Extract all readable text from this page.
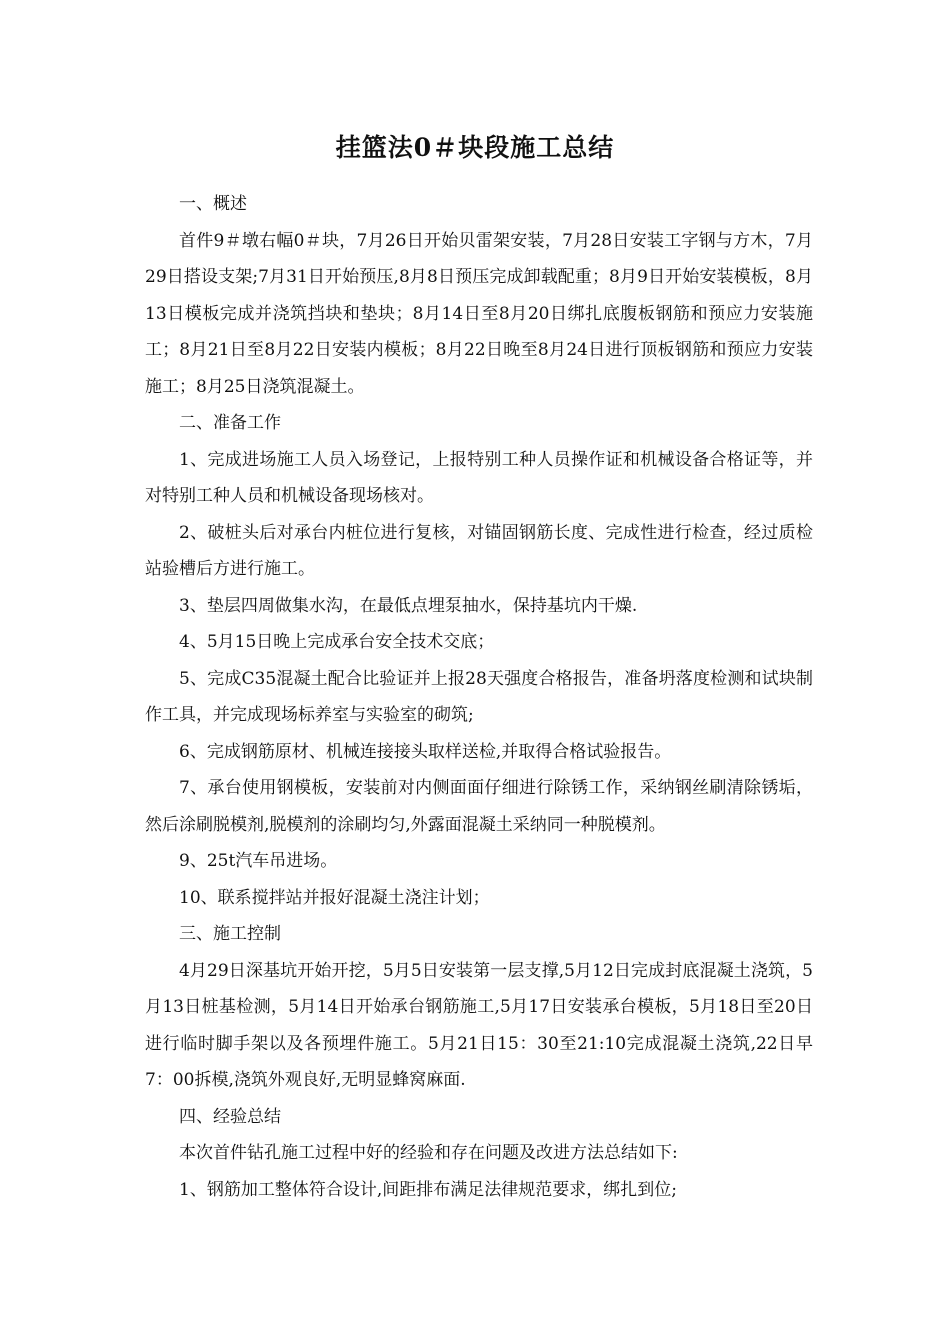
挂篮法0＃块段施工总结

一、概述

首件9＃墩右幅0＃块，7月26日开始贝雷架安装，7月28日安装工字钢与方木，7月29日搭设支架;7月31日开始预压,8月8日预压完成卸载配重；8月9日开始安装模板，8月13日模板完成并浇筑挡块和垫块；8月14日至8月20日绑扎底腹板钢筋和预应力安装施工；8月21日至8月22日安装内模板；8月22日晚至8月24日进行顶板钢筋和预应力安装施工；8月25日浇筑混凝土。

二、准备工作

1、完成进场施工人员入场登记，上报特别工种人员操作证和机械设备合格证等，并对特别工种人员和机械设备现场核对。

2、破桩头后对承台内桩位进行复核，对锚固钢筋长度、完成性进行检查，经过质检站验槽后方进行施工。

3、垫层四周做集水沟，在最低点埋泵抽水，保持基坑内干燥.

4、5月15日晚上完成承台安全技术交底；

5、完成C35混凝土配合比验证并上报28天强度合格报告，准备坍落度检测和试块制作工具，并完成现场标养室与实验室的砌筑;

6、完成钢筋原材、机械连接接头取样送检,并取得合格试验报告。

7、承台使用钢模板，安装前对内侧面面仔细进行除锈工作，采纳钢丝刷清除锈垢，然后涂刷脱模剂,脱模剂的涂刷均匀,外露面混凝土采纳同一种脱模剂。

9、25t汽车吊进场。

10、联系搅拌站并报好混凝土浇注计划；

三、施工控制

4月29日深基坑开始开挖，5月5日安装第一层支撑,5月12日完成封底混凝土浇筑，5月13日桩基检测，5月14日开始承台钢筋施工,5月17日安装承台模板，5月18日至20日进行临时脚手架以及各预埋件施工。5月21日15：30至21:10完成混凝土浇筑,22日早7：00拆模,浇筑外观良好,无明显蜂窝麻面.

四、经验总结

本次首件钻孔施工过程中好的经验和存在问题及改进方法总结如下:

1、钢筋加工整体符合设计,间距排布满足法律规范要求，绑扎到位;
